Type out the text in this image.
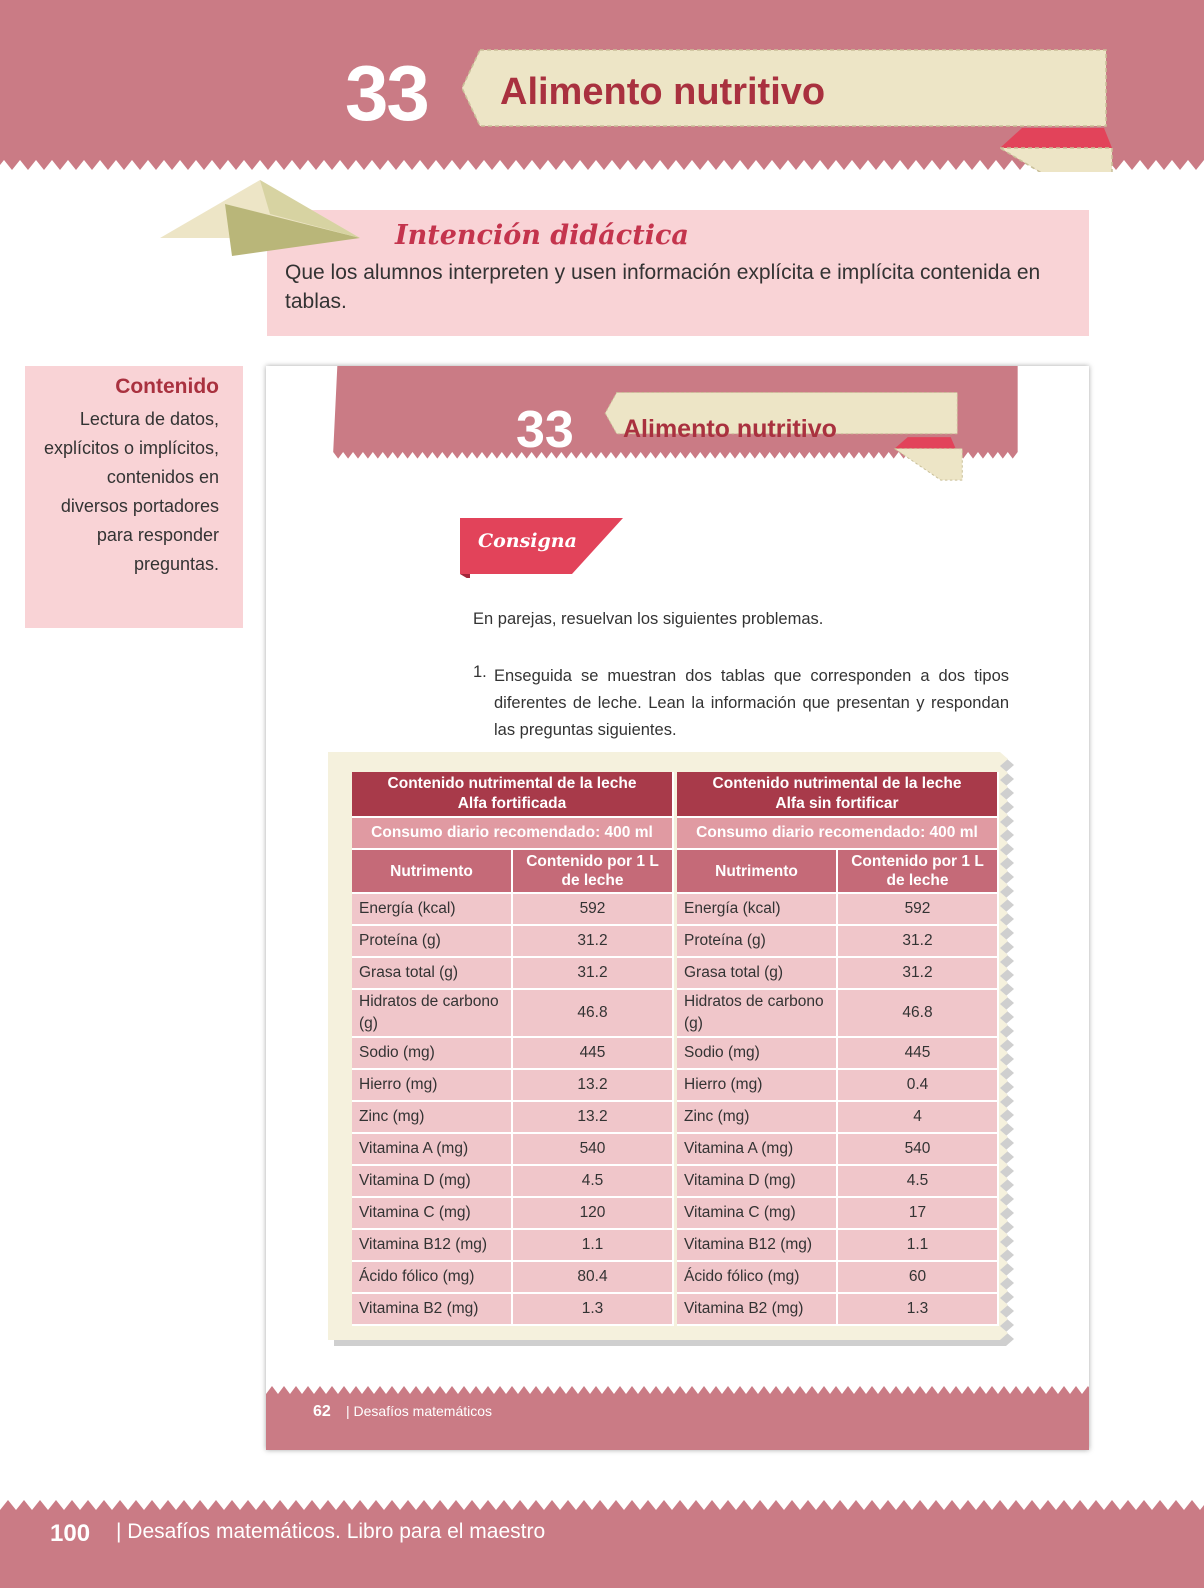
33	Alimento nutritivo
Intención didáctica
Que los alumnos interpreten y usen información explícita e implícita contenida en tablas.
Contenido
Lectura de datos, explícitos o implícitos, contenidos en diversos portadores para responder preguntas.
33	Alimento nutritivo
Consigna
En parejas, resuelvan los siguientes problemas.
1. Enseguida se muestran dos tablas que corresponden a dos tipos diferentes de leche. Lean la información que presentan y respondan las preguntas siguientes.
Contenido nutrimental de la leche
Alfa fortificada	
Consumo diario recomendado: 400 ml	
Nutrimento	Contenido por 1 L de leche
Energía (kcal)	592
Proteína (g)	31.2
Grasa total (g)	31.2
Hidratos de carbono (g)	46.8
Sodio (mg)	445
Hierro (mg)	13.2
Zinc (mg)	13.2
Vitamina A (mg)	540
Vitamina D (mg)	4.5
Vitamina C (mg)	120
Vitamina B12 (mg)	1.1
Ácido fólico (mg)	80.4
Vitamina B2 (mg)	1.3
Contenido nutrimental de la leche
Alfa sin fortificar	
Consumo diario recomendado: 400 ml	
Nutrimento	Contenido por 1 L de leche
Energía (kcal)	592
Proteína (g)	31.2
Grasa total (g)	31.2
Hidratos de carbono (g)	46.8
Sodio (mg)	445
Hierro (mg)	0.4
Zinc (mg)	4
Vitamina A (mg)	540
Vitamina D (mg)	4.5
Vitamina C (mg)	17
Vitamina B12 (mg)	1.1
Ácido fólico (mg)	60
Vitamina B2 (mg)	1.3
62 | Desafíos matemáticos
100 | Desafíos matemáticos. Libro para el maestro
